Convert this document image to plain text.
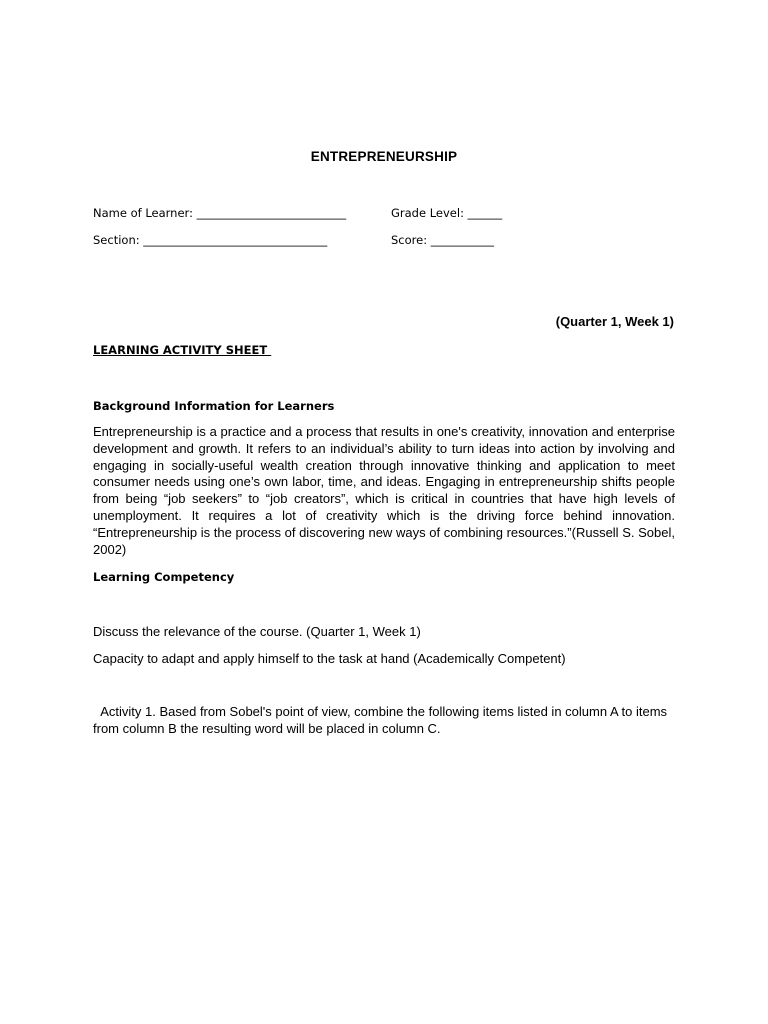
ENTREPRENEURSHIP
Name of Learner: __________________________	Grade Level: ______
Section: ________________________________	Score: ___________
(Quarter 1, Week 1)
LEARNING ACTIVITY SHEET
Background Information for Learners
Entrepreneurship is a practice and a process that results in one's creativity, innovation and enterprise development and growth. It refers to an individual’s ability to turn ideas into action by involving and engaging in socially-useful wealth creation through innovative thinking and application to meet consumer needs using one’s own labor, time, and ideas. Engaging in entrepreneurship shifts people from being “job seekers” to “job creators”, which is critical in countries that have high levels of unemployment. It requires a lot of creativity which is the driving force behind innovation. “Entrepreneurship is the process of discovering new ways of combining resources.”(Russell S. Sobel, 2002)
Learning Competency
Discuss the relevance of the course. (Quarter 1, Week 1)
Capacity to adapt and apply himself to the task at hand (Academically Competent)
Activity 1. Based from Sobel's point of view, combine the following items listed in column A to items from column B the resulting word will be placed in column C.
